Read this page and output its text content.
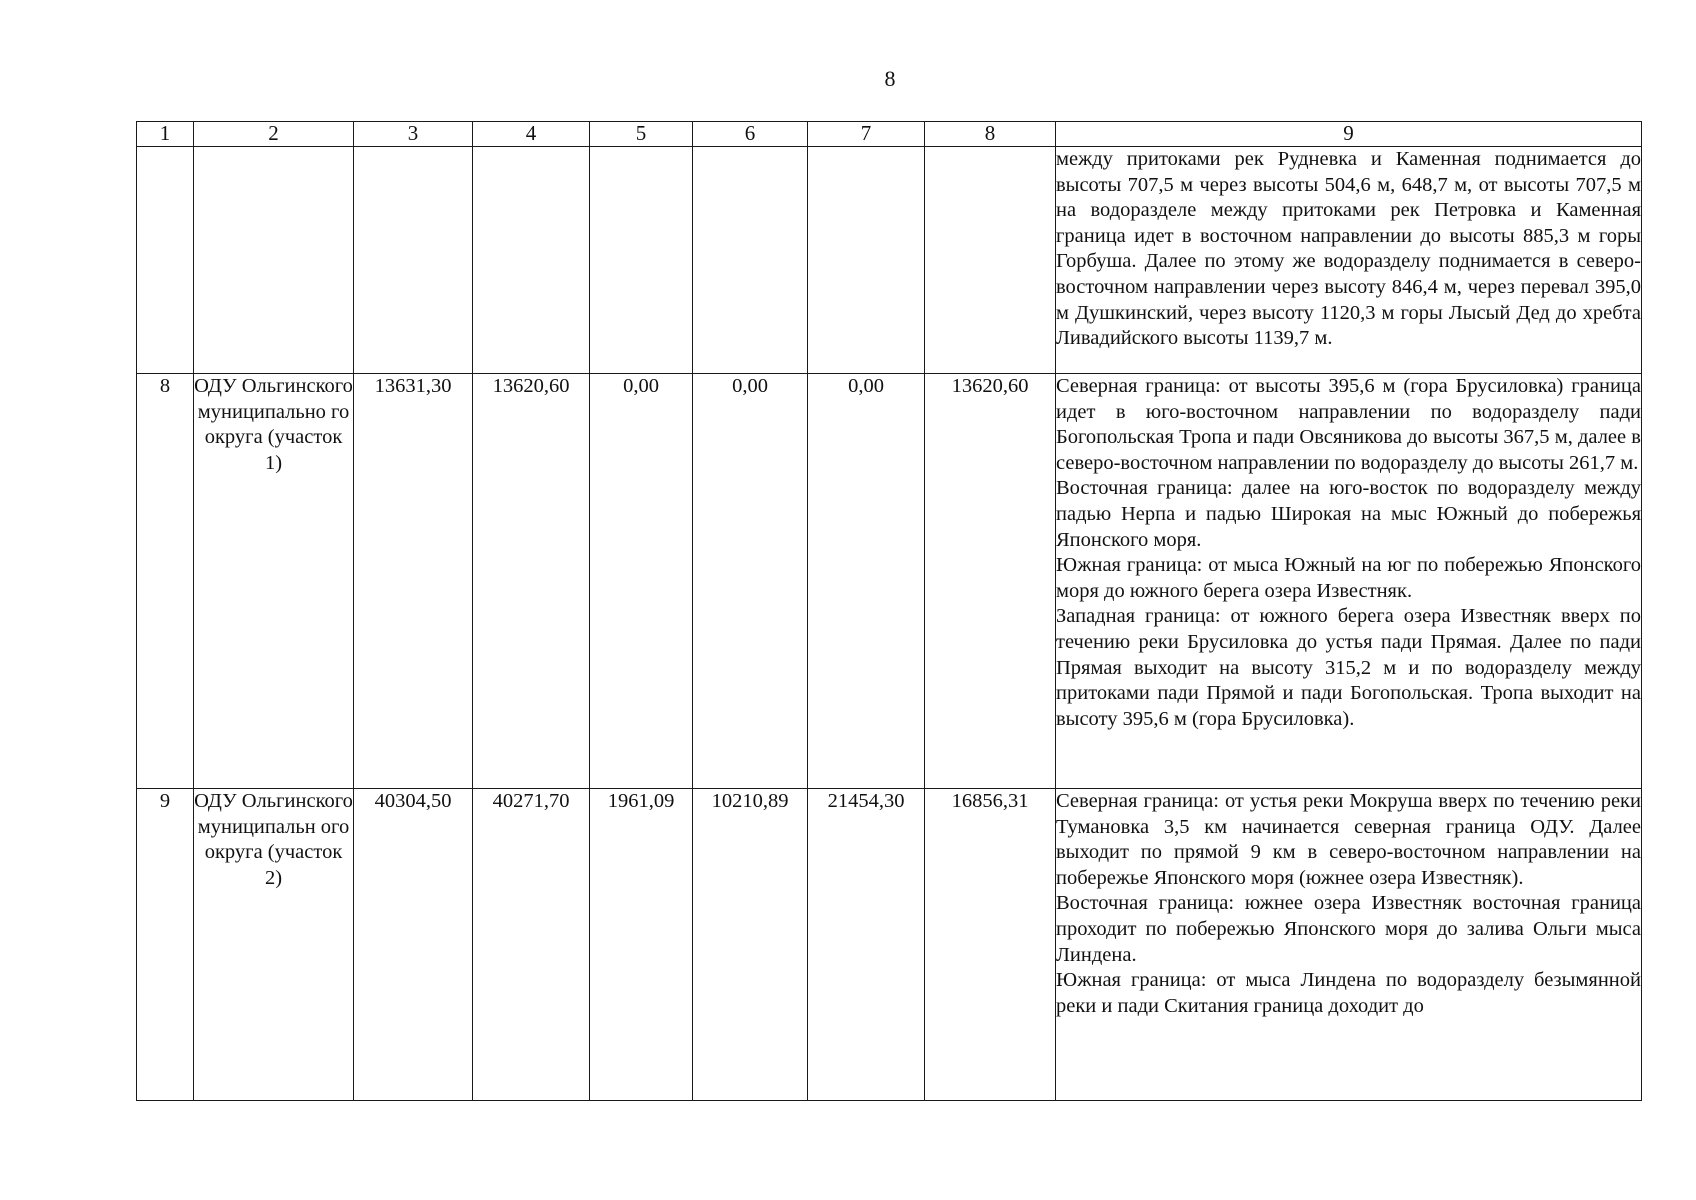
8
1	2	3	4	5	6	7	8	9

								между притоками рек Рудневка и Каменная поднимается до высоты 707,5 м через высоты 504,6 м, 648,7 м, от высоты 707,5 м на водоразделе между притоками рек Петровка и Каменная граница идет в восточном направлении до высоты 885,3 м горы Горбуша. Далее по этому же водоразделу поднимается в северо-восточном направлении через высоту 846,4 м, через перевал 395,0 м Душкинский, через высоту 1120,3 м горы Лысый Дед до хребта Ливадийского высоты 1139,7 м.

8	ОДУ Ольгинского муниципально го округа (участок 1)	13631,30	13620,60	0,00	0,00	0,00	13620,60	Северная граница: от высоты 395,6 м (гора Брусиловка) граница идет в юго-восточном направлении по водоразделу пади Богопольская Тропа и пади Овсяникова до высоты 367,5 м, далее в северо-восточном направлении по водоразделу до высоты 261,7 м.

Восточная граница: далее на юго-восток по водоразделу между падью Нерпа и падью Широкая на мыс Южный до побережья Японского моря.

Южная граница: от мыса Южный на юг по побережью Японского моря до южного берега озера Известняк.

Западная граница: от южного берега озера Известняк вверх по течению реки Брусиловка до устья пади Прямая. Далее по пади Прямая выходит на высоту 315,2 м и по водоразделу между притоками пади Прямой и пади Богопольская. Тропа выходит на высоту 395,6 м (гора Брусиловка).

9	ОДУ Ольгинского муниципальн ого округа (участок 2)	40304,50	40271,70	1961,09	10210,89	21454,30	16856,31	Северная граница: от устья реки Мокруша вверх по течению реки Тумановка 3,5 км начинается северная граница ОДУ. Далее выходит по прямой 9 км в северо-восточном направлении на побережье Японского моря (южнее озера Известняк).

Восточная граница: южнее озера Известняк восточная граница проходит по побережью Японского моря до залива Ольги мыса Линдена.

Южная граница: от мыса Линдена по водоразделу безымянной реки и пади Скитания граница доходит до
